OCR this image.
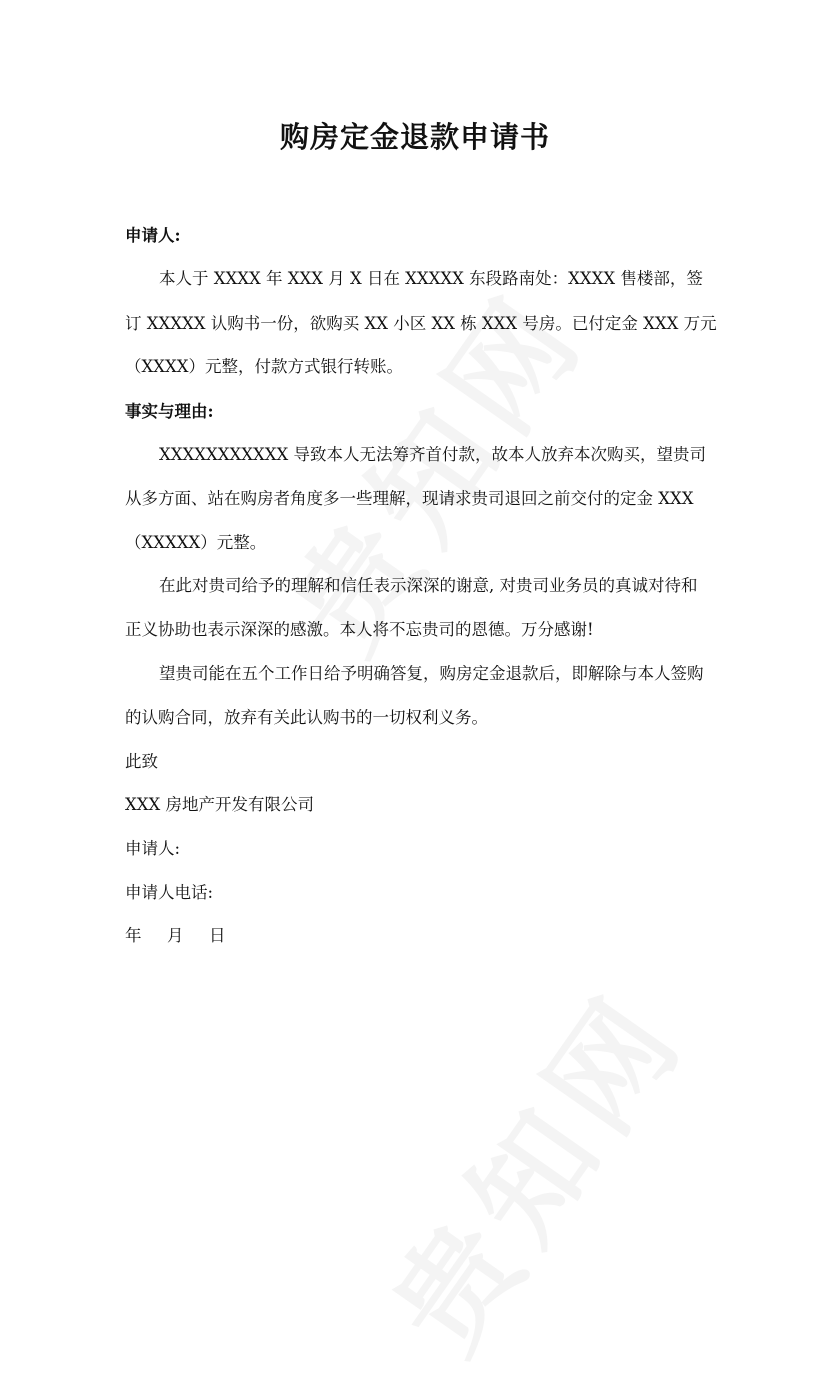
购房定金退款申请书
申请人:
本人于 XXXX 年 XXX 月 X 日在 XXXXX 东段路南处：XXXX 售楼部，签
订 XXXXX 认购书一份，欲购买 XX 小区 XX 栋 XXX 号房。已付定金 XXX 万元
（XXXX）元整，付款方式银行转账。
事实与理由:
XXXXXXXXXXX 导致本人无法筹齐首付款，故本人放弃本次购买，望贵司
从多方面、站在购房者角度多一些理解，现请求贵司退回之前交付的定金 XXX
（XXXXX）元整。
在此对贵司给予的理解和信任表示深深的谢意, 对贵司业务员的真诚对待和
正义协助也表示深深的感激。本人将不忘贵司的恩德。万分感谢!
望贵司能在五个工作日给予明确答复，购房定金退款后，即解除与本人签购
的认购合同，放弃有关此认购书的一切权利义务。
此致
XXX 房地产开发有限公司
申请人:
申请人电话:
年 月 日
